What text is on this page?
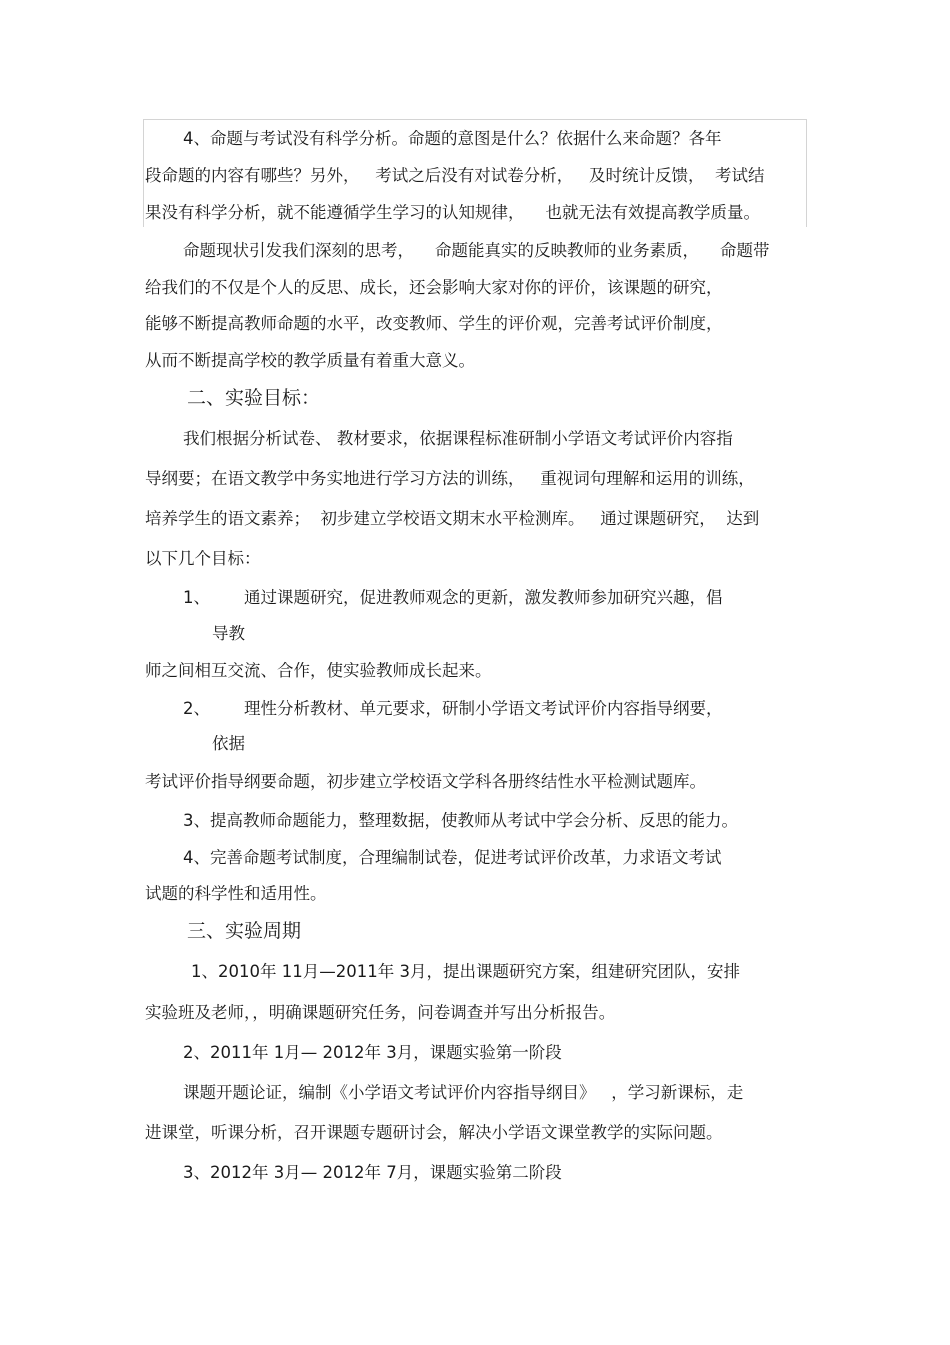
4、命题与考试没有科学分析。命题的意图是什么？依据什么来命题？各年

段命题的内容有哪些？另外，   考试之后没有对试卷分析，   及时统计反馈，  考试结

果没有科学分析，就不能遵循学生学习的认知规律，    也就无法有效提高教学质量。

命题现状引发我们深刻的思考，    命题能真实的反映教师的业务素质，    命题带

给我们的不仅是个人的反思、成长，还会影响大家对你的评价，该课题的研究，

能够不断提高教师命题的水平，改变教师、学生的评价观，完善考试评价制度，

从而不断提高学校的教学质量有着重大意义。

二、实验目标：

我们根据分析试卷、 教材要求，依据课程标准研制小学语文考试评价内容指

导纲要；在语文教学中务实地进行学习方法的训练，   重视词句理解和运用的训练，

培养学生的语文素养；  初步建立学校语文期末水平检测库。   通过课题研究，  达到

以下几个目标：

1、 通过课题研究，促进教师观念的更新，激发教师参加研究兴趣，倡

导教

师之间相互交流、合作，使实验教师成长起来。

2、 理性分析教材、单元要求，研制小学语文考试评价内容指导纲要，

依据

考试评价指导纲要命题，初步建立学校语文学科各册终结性水平检测试题库。

3、提高教师命题能力，整理数据，使教师从考试中学会分析、反思的能力。

4、完善命题考试制度，合理编制试卷，促进考试评价改革，力求语文考试

试题的科学性和适用性。

三、实验周期

1、2010年 11月—2011年 3月，提出课题研究方案，组建研究团队，安排

实验班及老师，，明确课题研究任务，问卷调查并写出分析报告。

2、2011年 1月— 2012年 3月，课题实验第一阶段

课题开题论证，编制《小学语文考试评价内容指导纲目》   ，学习新课标，走

进课堂，听课分析，召开课题专题研讨会，解决小学语文课堂教学的实际问题。

3、2012年 3月— 2012年 7月，课题实验第二阶段
